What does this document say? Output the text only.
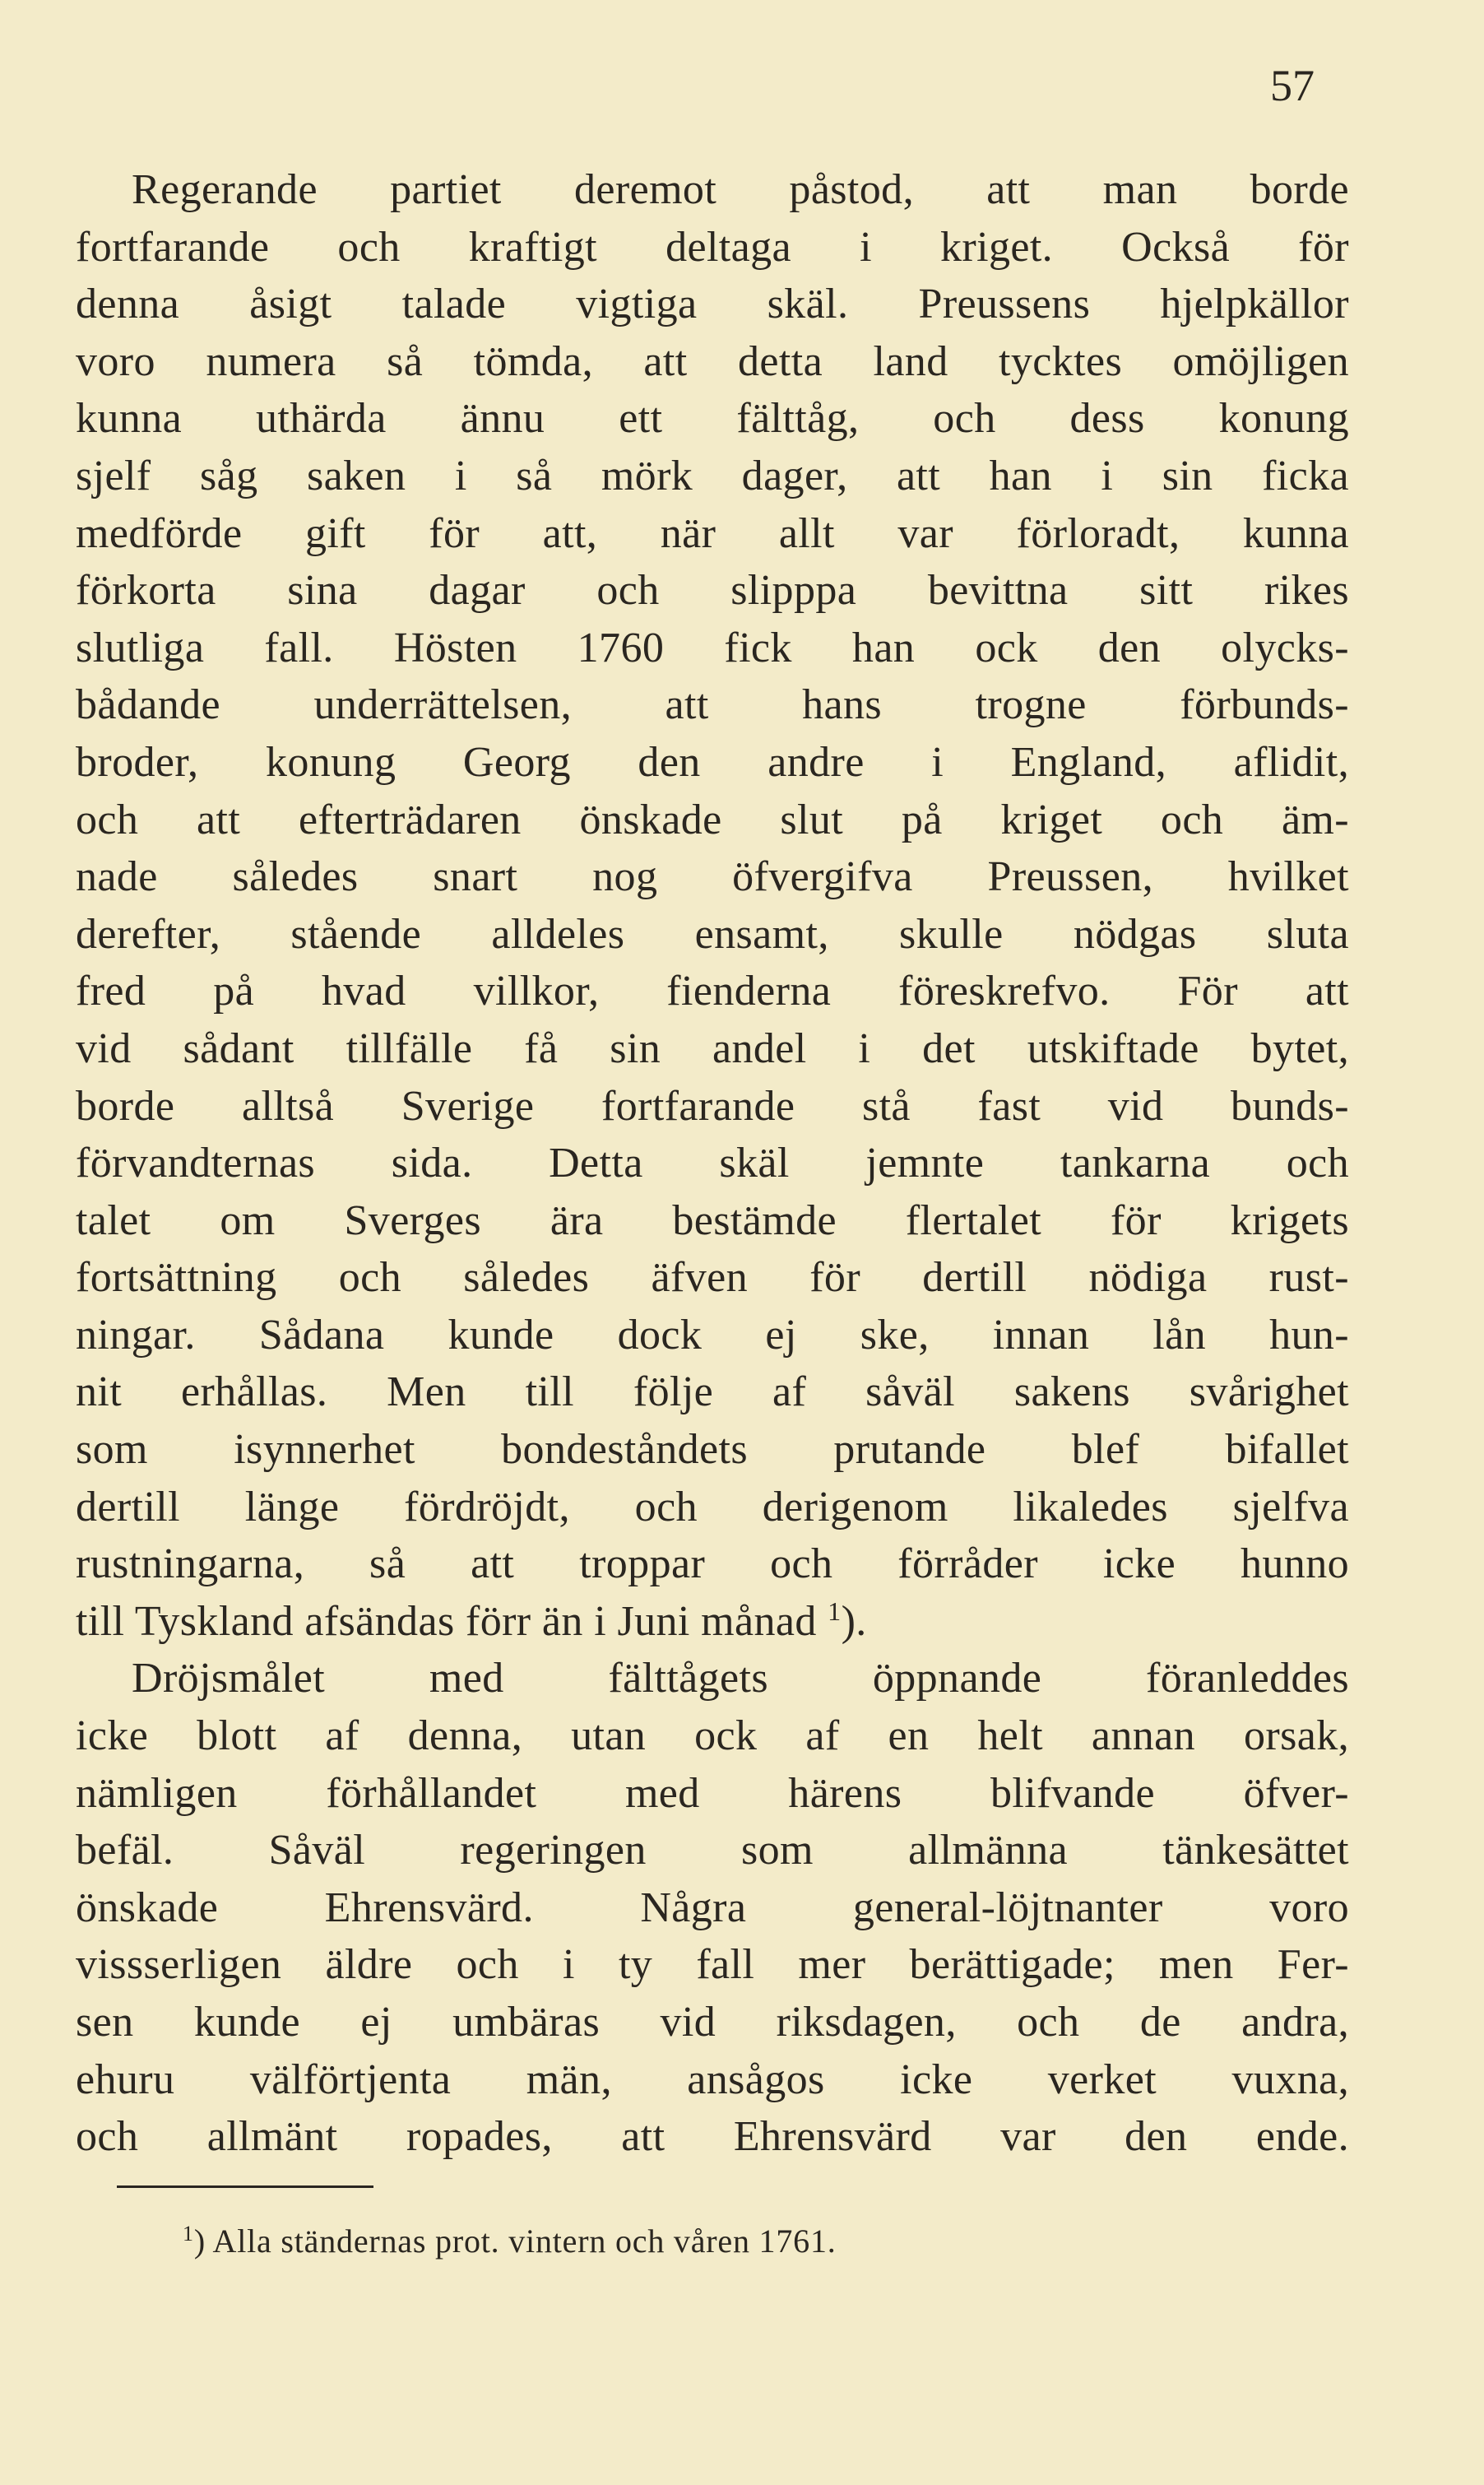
57
Regerande partiet deremot påstod, att man borde
fortfarande och kraftigt deltaga i kriget. Också för
denna åsigt talade vigtiga skäl. Preussens hjelpkällor
voro numera så tömda, att detta land tycktes omöjligen
kunna uthärda ännu ett fälttåg, och dess konung
sjelf såg saken i så mörk dager, att han i sin ficka
medförde gift för att, när allt var förloradt, kunna
förkorta sina dagar och slipppa bevittna sitt rikes
slutliga fall. Hösten 1760 fick han ock den olycks-
bådande underrättelsen, att hans trogne förbunds-
broder, konung Georg den andre i England, aflidit,
och att efterträdaren önskade slut på kriget och äm-
nade således snart nog öfvergifva Preussen, hvilket
derefter, stående alldeles ensamt, skulle nödgas sluta
fred på hvad villkor, fienderna föreskrefvo. För att
vid sådant tillfälle få sin andel i det utskiftade bytet,
borde alltså Sverige fortfarande stå fast vid bunds-
förvandternas sida. Detta skäl jemnte tankarna och
talet om Sverges ära bestämde flertalet för krigets
fortsättning och således äfven för dertill nödiga rust-
ningar. Sådana kunde dock ej ske, innan lån hun-
nit erhållas. Men till följe af såväl sakens svårighet
som isynnerhet bondeståndets prutande blef bifallet
dertill länge fördröjdt, och derigenom likaledes sjelfva
rustningarna, så att troppar och förråder icke hunno
till Tyskland afsändas förr än i Juni månad $^1$).
Dröjsmålet med fälttågets öppnande föranleddes
icke blott af denna, utan ock af en helt annan orsak,
nämligen förhållandet med härens blifvande öfver-
befäl. Såväl regeringen som allmänna tänkesättet
önskade Ehrensvärd. Några general-löjtnanter voro
vissserligen äldre och i ty fall mer berättigade; men Fer-
sen kunde ej umbäras vid riksdagen, och de andra,
ehuru välförtjenta män, ansågos icke verket vuxna,
och allmänt ropades, att Ehrensvärd var den ende.
$^1$) Alla ständernas prot. vintern och våren 1761.
